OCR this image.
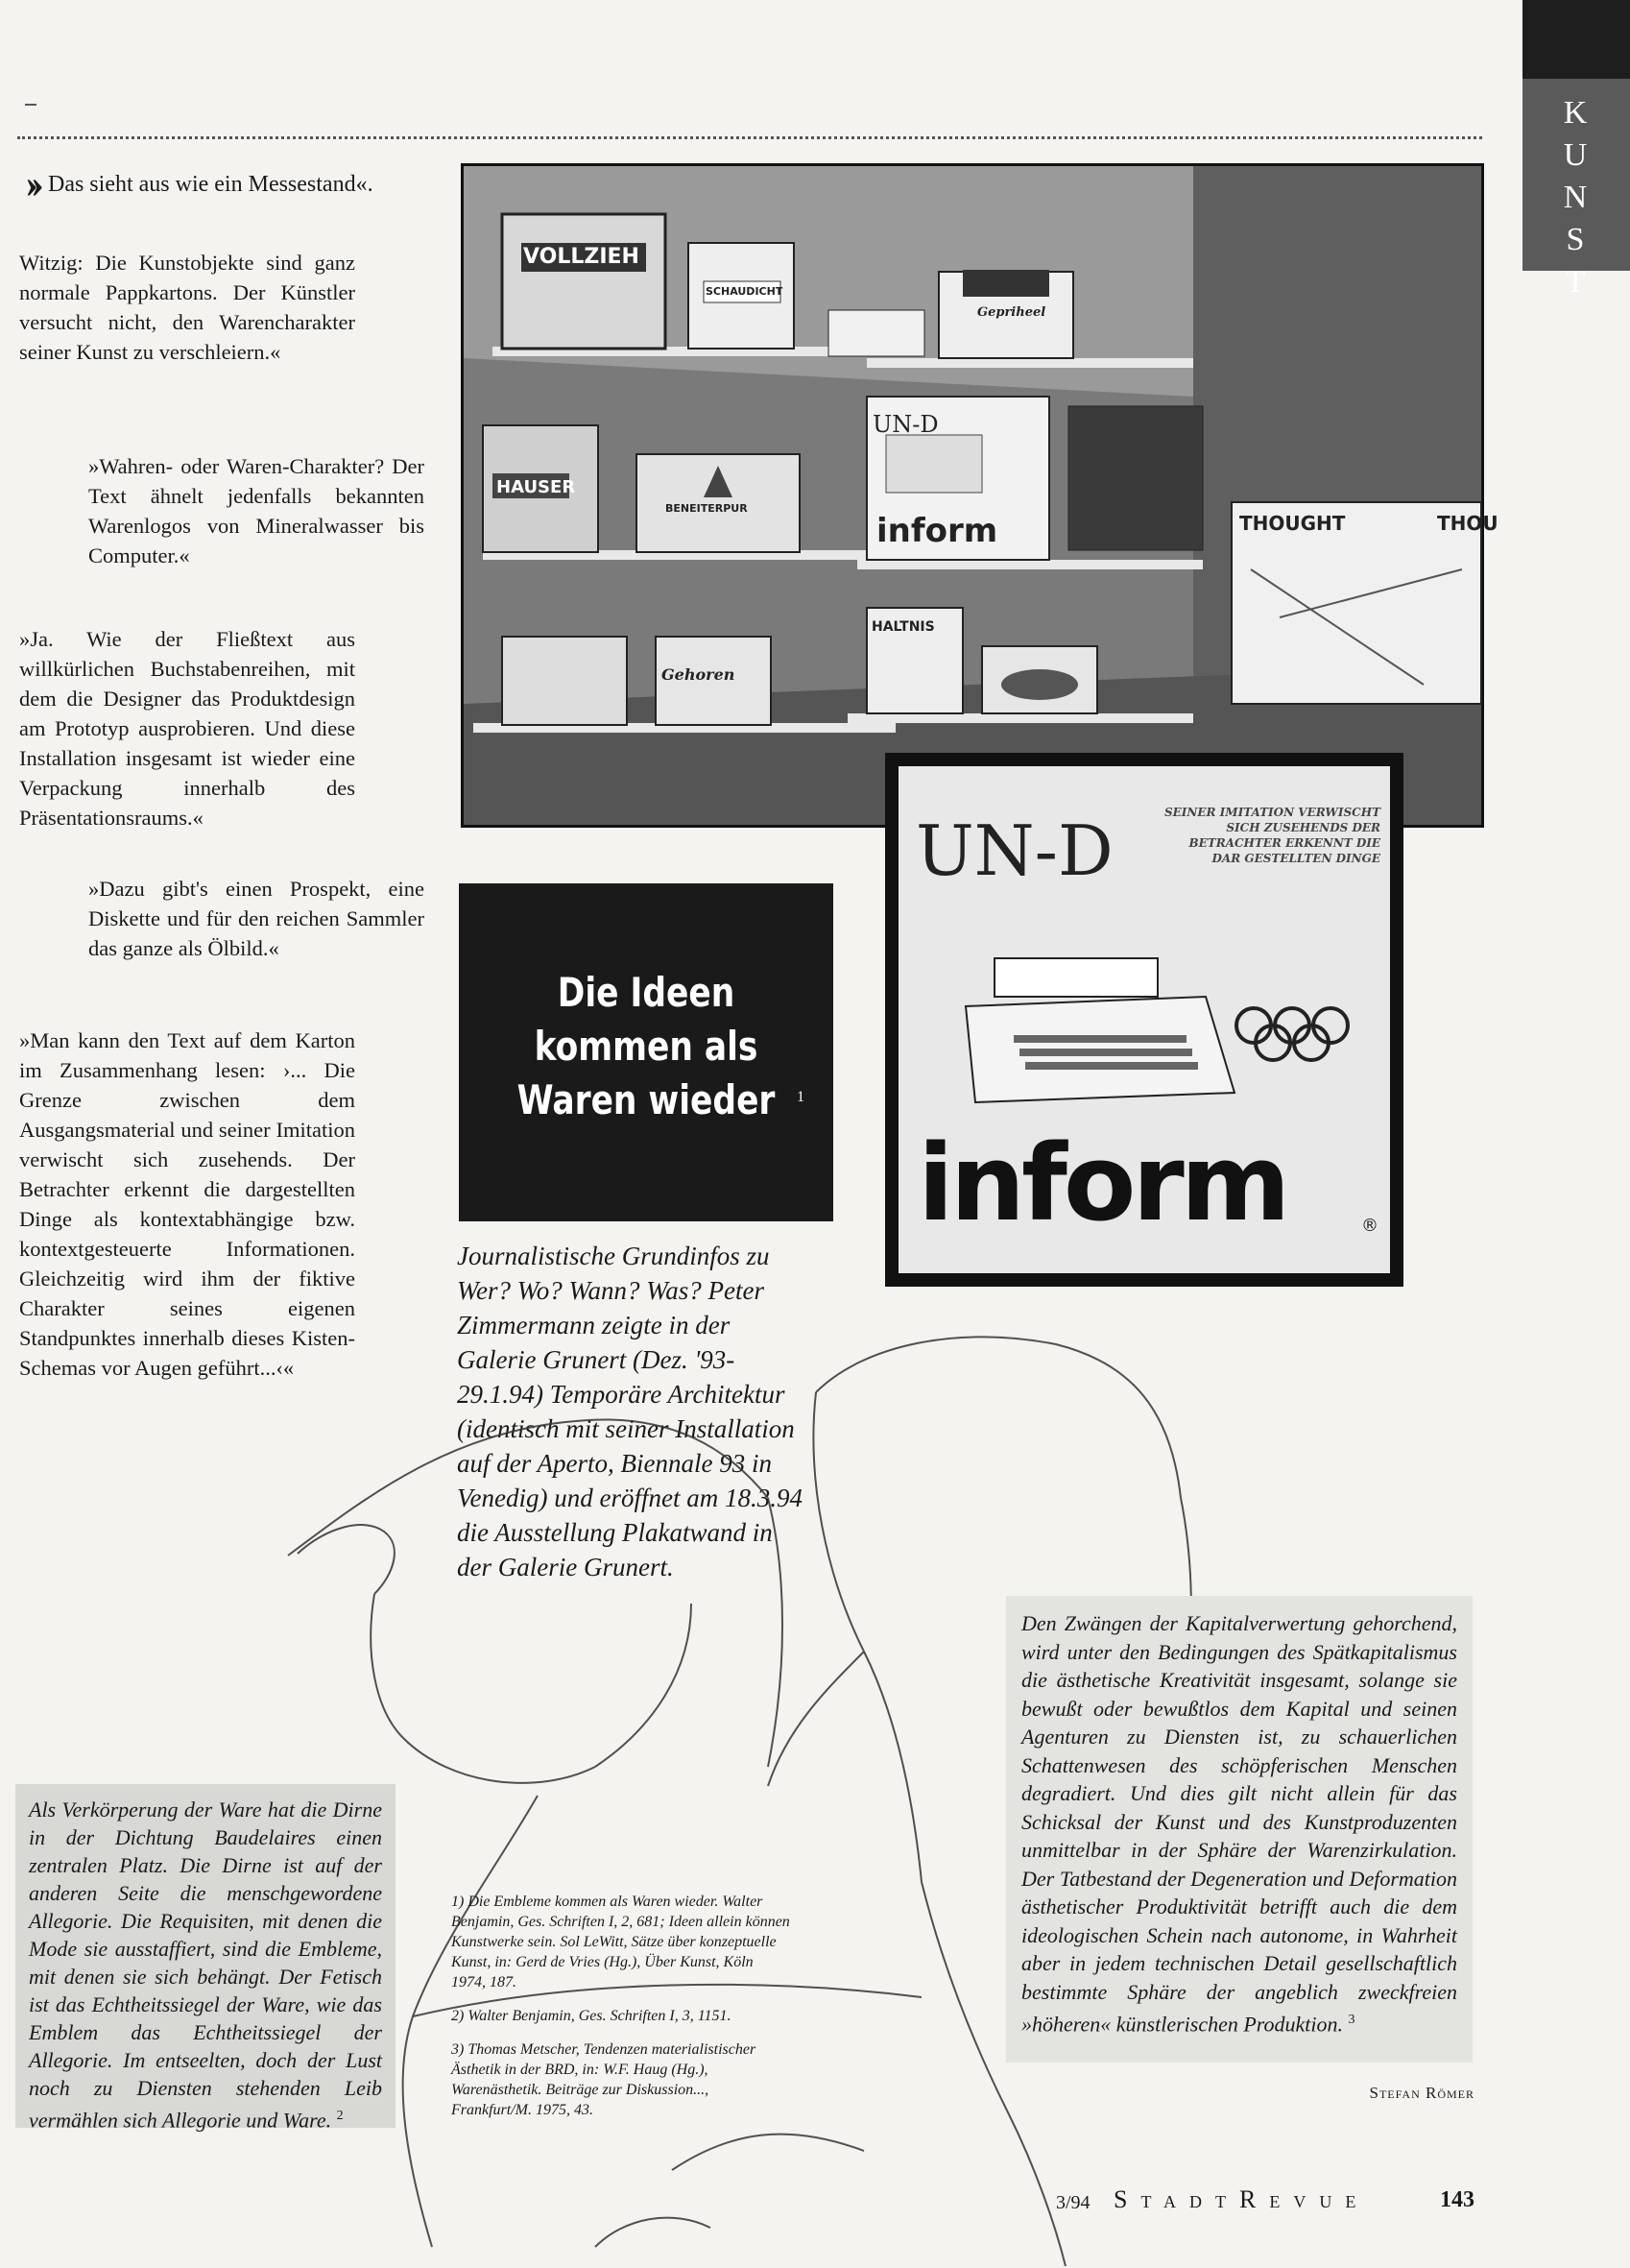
K
U
N
S
T
›› Das sieht aus wie ein Messestand«.
Witzig: Die Kunstobjekte sind ganz normale Pappkartons. Der Künstler versucht nicht, den Warencharakter seiner Kunst zu verschleiern.«
»Wahren- oder Waren-Charakter? Der Text ähnelt jedenfalls bekannten Warenlogos von Mineralwasser bis Computer.«
»Ja. Wie der Fließtext aus willkürlichen Buchstabenreihen, mit dem die Designer das Produktdesign am Prototyp ausprobieren. Und diese Installation insgesamt ist wieder eine Verpackung innerhalb des Präsentationsraums.«
»Dazu gibt's einen Prospekt, eine Diskette und für den reichen Sammler das ganze als Ölbild.«
»Man kann den Text auf dem Karton im Zusammenhang lesen: ›... Die Grenze zwischen dem Ausgangsmaterial und seiner Imitation verwischt sich zusehends. Der Betrachter erkennt die dargestellten Dinge als kontextabhängige bzw. kontextgesteuerte Informationen. Gleichzeitig wird ihm der fiktive Charakter seines eigenen Standpunktes innerhalb dieses Kisten-Schemas vor Augen geführt...‹«
VOLLZIEH
SCHAUDICHT
Gepriheel
HAUSER
BENEITERPUR
UN-D
inform	THOUGHT	THOU
HALTNIS
Gehoren
UN-D	SEINER IMITATION VERWISCHT SICH ZUSEHENDS DER BETRACHTER ERKENNT DIE DAR GESTELLTEN DINGE
inform	®
Die Ideen kommen als Waren wieder	1
Journalistische Grundinfos zu Wer? Wo? Wann? Was? Peter Zimmermann zeigte in der Galerie Grunert (Dez. '93-29.1.94) Temporäre Architektur (identisch mit seiner Installation auf der Aperto, Biennale 93 in Venedig) und eröffnet am 18.3.94 die Ausstellung Plakatwand in der Galerie Grunert.
Als Verkörperung der Ware hat die Dirne in der Dichtung Baudelaires einen zentralen Platz. Die Dirne ist auf der anderen Seite die menschgewordene Allegorie. Die Requisiten, mit denen die Mode sie ausstaffiert, sind die Embleme, mit denen sie sich behängt. Der Fetisch ist das Echtheitssiegel der Ware, wie das Emblem das Echtheitssiegel der Allegorie. Im entseelten, doch der Lust noch zu Diensten stehenden Leib vermählen sich Allegorie und Ware. $^2$
Den Zwängen der Kapitalverwertung gehorchend, wird unter den Bedingungen des Spätkapitalismus die ästhetische Kreativität insgesamt, solange sie bewußt oder bewußtlos dem Kapital und seinen Agenturen zu Diensten ist, zu schauerlichen Schattenwesen des schöpferischen Menschen degradiert. Und dies gilt nicht allein für das Schicksal der Kunst und des Kunstproduzenten unmittelbar in der Sphäre der Warenzirkulation. Der Tatbestand der Degeneration und Deformation ästhetischer Produktivität betrifft auch die dem ideologischen Schein nach autonome, in Wahrheit aber in jedem technischen Detail gesellschaftlich bestimmte Sphäre der angeblich zweckfreien »höheren« künstlerischen Produktion. $^3$

1) Die Embleme kommen als Waren wieder. Walter Benjamin, Ges. Schriften I, 2, 681; Ideen allein können Kunstwerke sein. Sol LeWitt, Sätze über konzeptuelle Kunst, in: Gerd de Vries (Hg.), Über Kunst, Köln 1974, 187.

2) Walter Benjamin, Ges. Schriften I, 3, 1151.

3) Thomas Metscher, Tendenzen materialistischer Ästhetik in der BRD, in: W.F. Haug (Hg.), Warenästhetik. Beiträge zur Diskussion..., Frankfurt/M. 1975, 43.

Stefan Römer
3/94 StadtRevue	143
